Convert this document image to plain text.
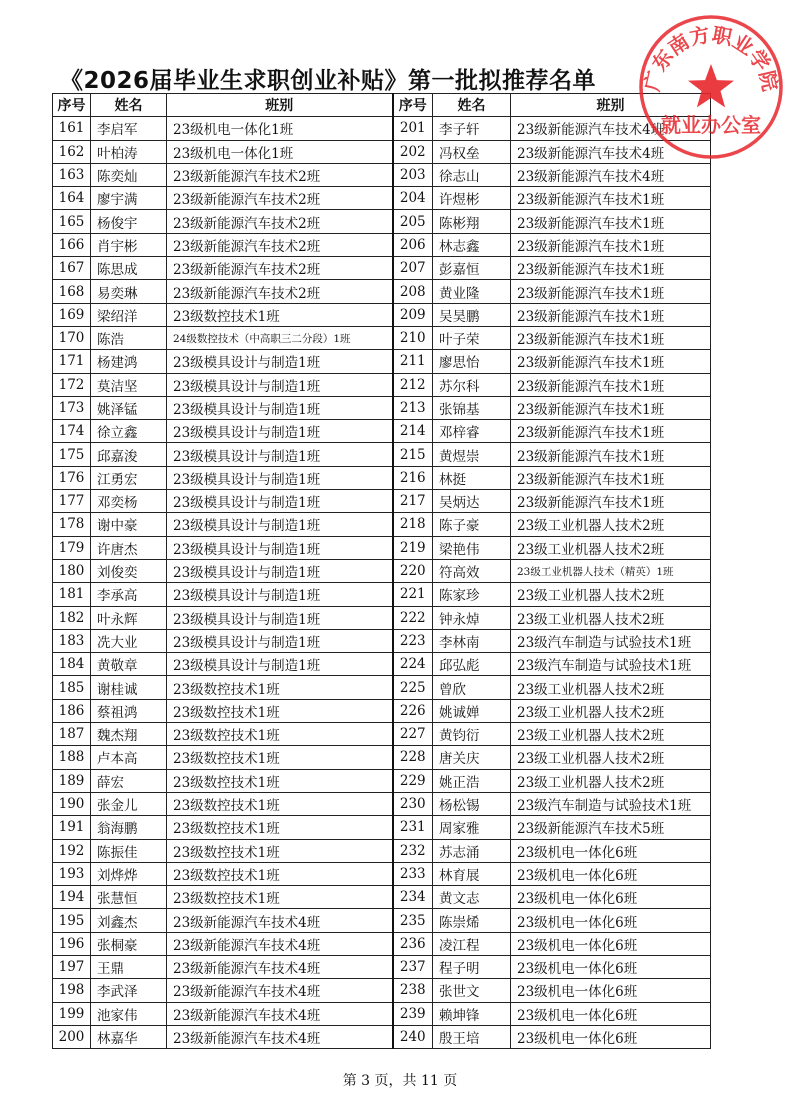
《2026届毕业生求职创业补贴》第一批拟推荐名单
序号	姓名	班别	序号	姓名	班别
161	李启军	23级机电一体化1班	201	李子轩	23级新能源汽车技术4班
162	叶柏涛	23级机电一体化1班	202	冯权垒	23级新能源汽车技术4班
163	陈奕灿	23级新能源汽车技术2班	203	徐志山	23级新能源汽车技术4班
164	廖宇满	23级新能源汽车技术2班	204	许煜彬	23级新能源汽车技术1班
165	杨俊宇	23级新能源汽车技术2班	205	陈彬翔	23级新能源汽车技术1班
166	肖宇彬	23级新能源汽车技术2班	206	林志鑫	23级新能源汽车技术1班
167	陈思成	23级新能源汽车技术2班	207	彭嘉恒	23级新能源汽车技术1班
168	易奕琳	23级新能源汽车技术2班	208	黄业隆	23级新能源汽车技术1班
169	梁绍洋	23级数控技术1班	209	吴昊鹏	23级新能源汽车技术1班
170	陈浩	24级数控技术（中高职三二分段）1班	210	叶子荣	23级新能源汽车技术1班
171	杨建鸿	23级模具设计与制造1班	211	廖思怡	23级新能源汽车技术1班
172	莫洁坚	23级模具设计与制造1班	212	苏尔科	23级新能源汽车技术1班
173	姚泽锰	23级模具设计与制造1班	213	张锦基	23级新能源汽车技术1班
174	徐立鑫	23级模具设计与制造1班	214	邓梓睿	23级新能源汽车技术1班
175	邱嘉浚	23级模具设计与制造1班	215	黄煜崇	23级新能源汽车技术1班
176	江勇宏	23级模具设计与制造1班	216	林挺	23级新能源汽车技术1班
177	邓奕杨	23级模具设计与制造1班	217	吴炳达	23级新能源汽车技术1班
178	谢中豪	23级模具设计与制造1班	218	陈子豪	23级工业机器人技术2班
179	许唐杰	23级模具设计与制造1班	219	梁艳伟	23级工业机器人技术2班
180	刘俊奕	23级模具设计与制造1班	220	符高效	23级工业机器人技术（精英）1班
181	李承高	23级模具设计与制造1班	221	陈家珍	23级工业机器人技术2班
182	叶永辉	23级模具设计与制造1班	222	钟永焯	23级工业机器人技术2班
183	冼大业	23级模具设计与制造1班	223	李林南	23级汽车制造与试验技术1班
184	黄敬章	23级模具设计与制造1班	224	邱弘彪	23级汽车制造与试验技术1班
185	谢桂诚	23级数控技术1班	225	曾欣	23级工业机器人技术2班
186	蔡祖鸿	23级数控技术1班	226	姚诚婵	23级工业机器人技术2班
187	魏杰翔	23级数控技术1班	227	黄钧衍	23级工业机器人技术2班
188	卢本高	23级数控技术1班	228	唐关庆	23级工业机器人技术2班
189	薛宏	23级数控技术1班	229	姚正浩	23级工业机器人技术2班
190	张金儿	23级数控技术1班	230	杨松锡	23级汽车制造与试验技术1班
191	翁海鹏	23级数控技术1班	231	周家雅	23级新能源汽车技术5班
192	陈振佳	23级数控技术1班	232	苏志涌	23级机电一体化6班
193	刘烨烨	23级数控技术1班	233	林育展	23级机电一体化6班
194	张慧恒	23级数控技术1班	234	黄文志	23级机电一体化6班
195	刘鑫杰	23级新能源汽车技术4班	235	陈崇烯	23级机电一体化6班
196	张桐豪	23级新能源汽车技术4班	236	凌江程	23级机电一体化6班
197	王鼎	23级新能源汽车技术4班	237	程子明	23级机电一体化6班
198	李武泽	23级新能源汽车技术4班	238	张世文	23级机电一体化6班
199	池家伟	23级新能源汽车技术4班	239	赖坤锋	23级机电一体化6班
200	林嘉华	23级新能源汽车技术4班	240	殷王培	23级机电一体化6班
第 3 页，共 11 页
广东南方职业学院
就业办公室
